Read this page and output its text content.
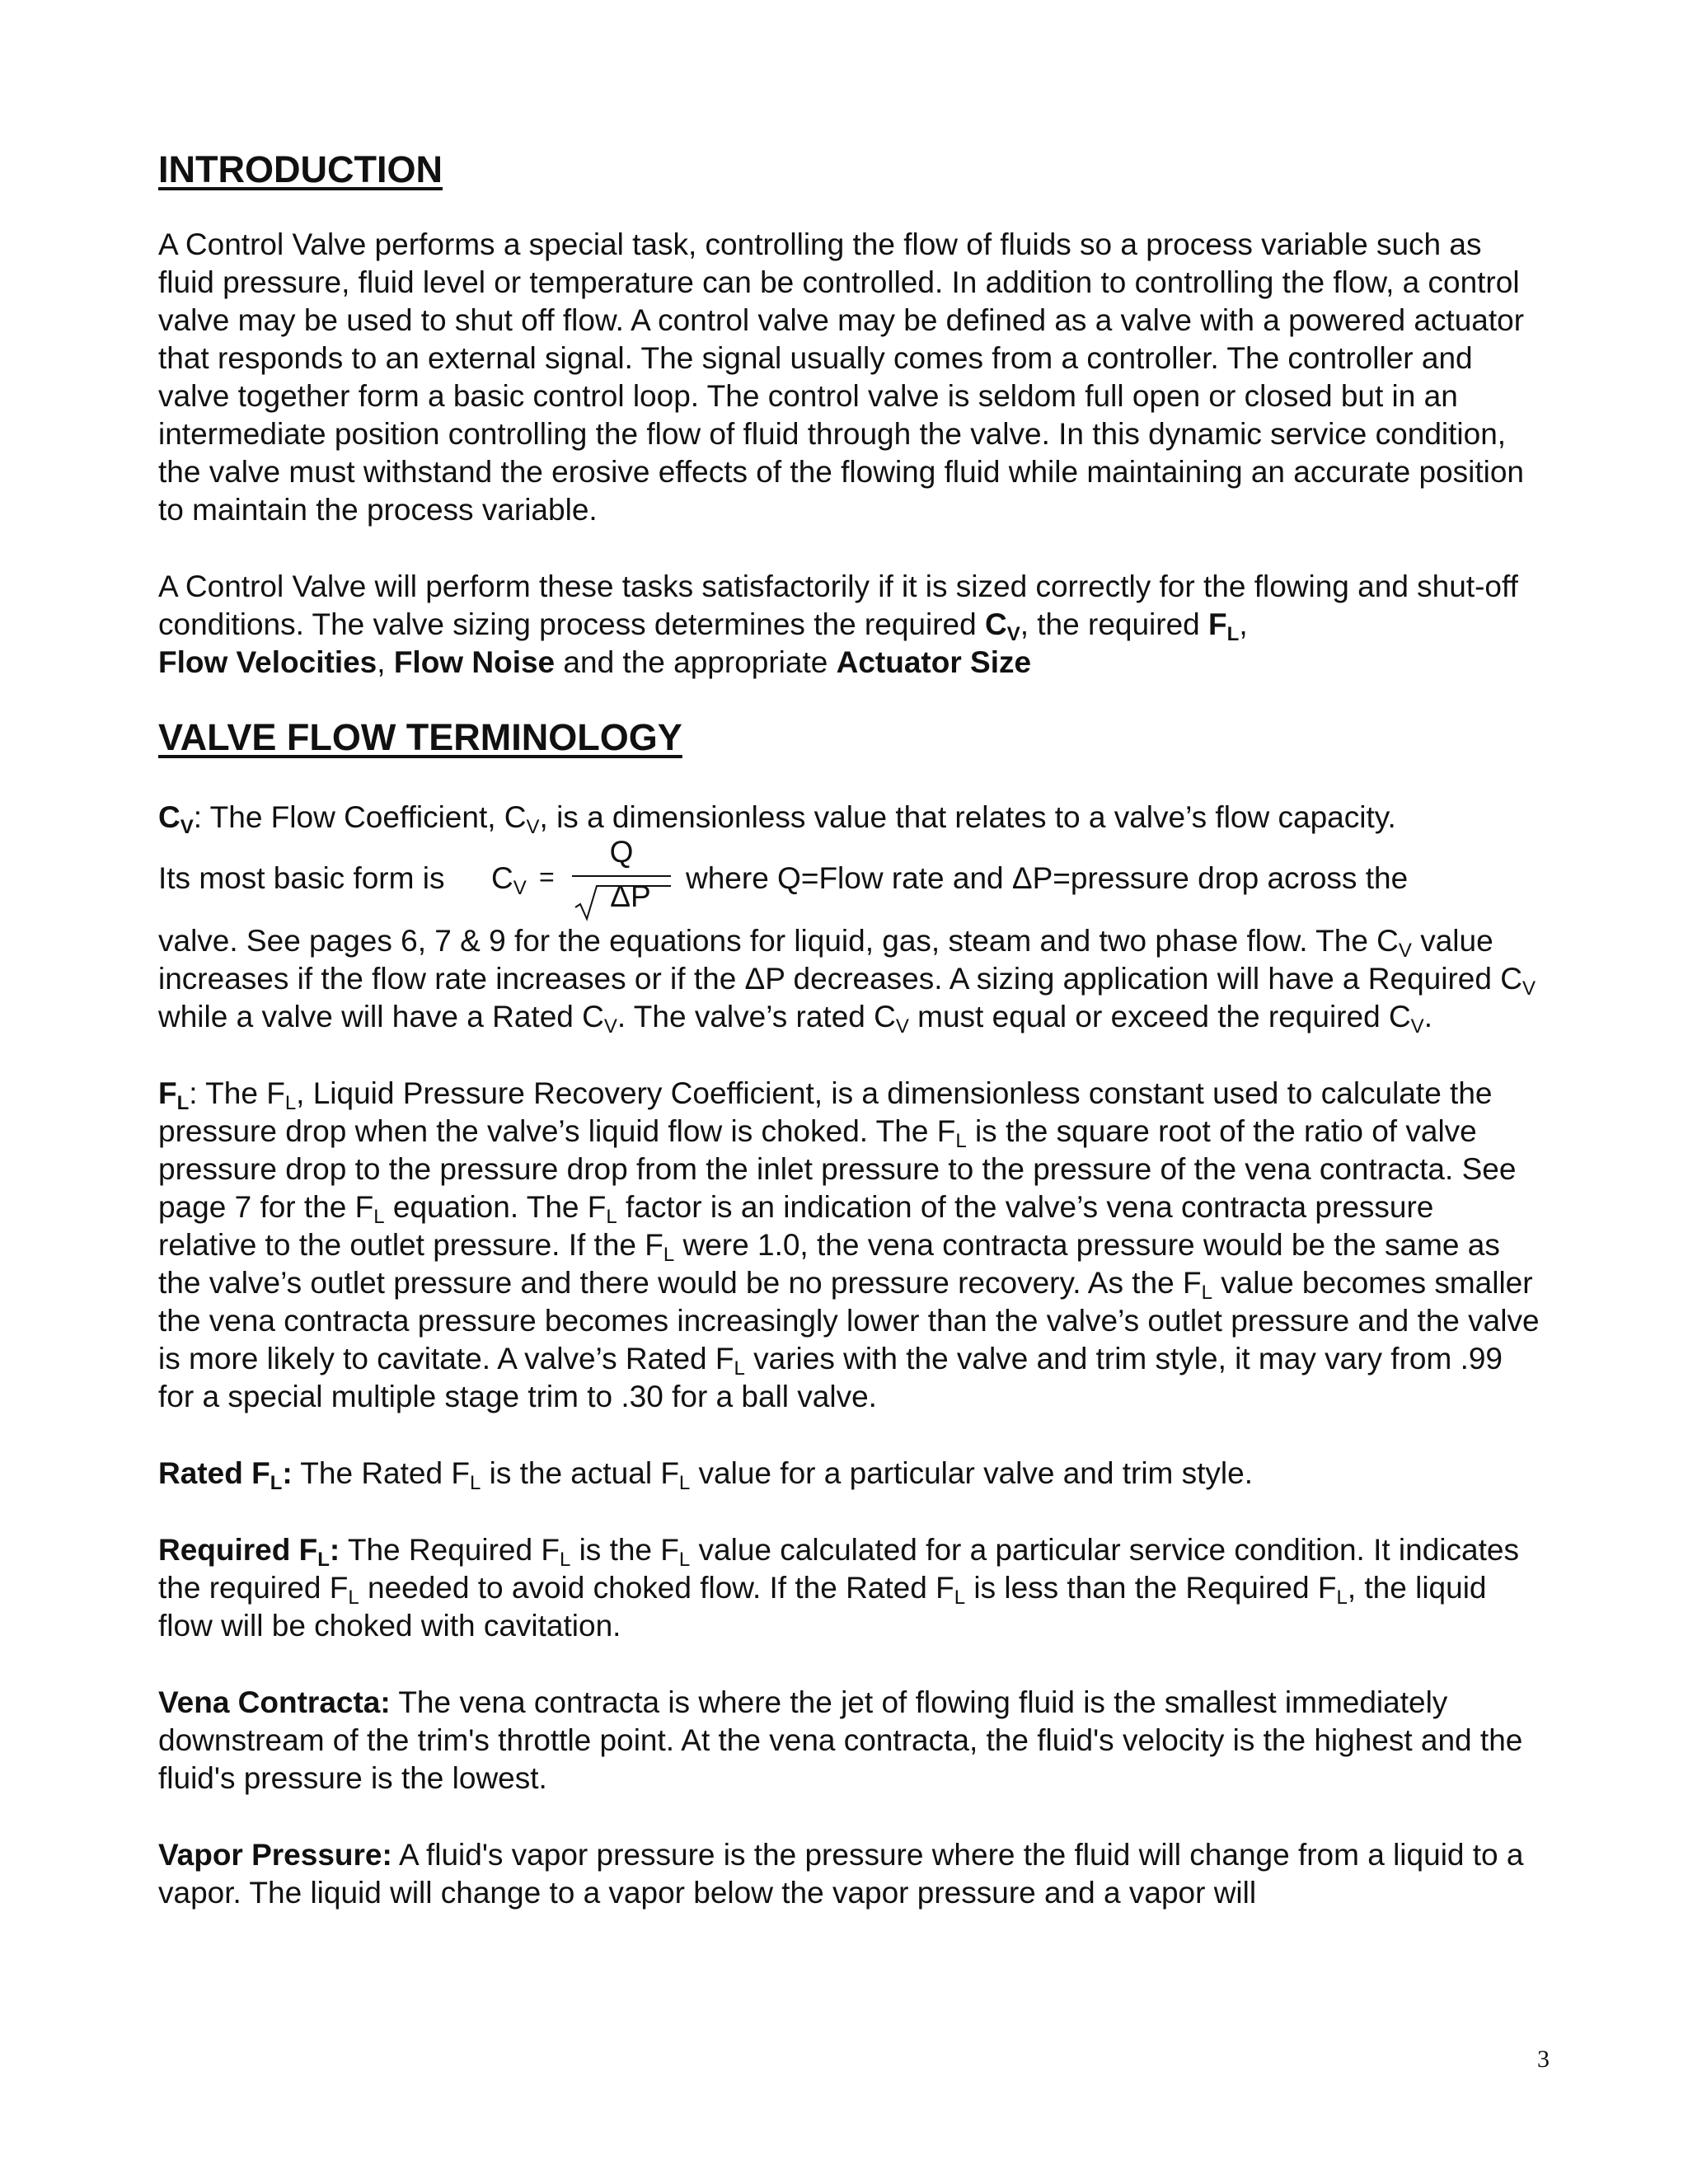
INTRODUCTION

A Control Valve performs a special task, controlling the flow of fluids so a process variable such as fluid pressure, fluid level or temperature can be controlled. In addition to controlling the flow, a control valve may be used to shut off flow. A control valve may be defined as a valve with a powered actuator that responds to an external signal. The signal usually comes from a controller. The controller and valve together form a basic control loop. The control valve is seldom full open or closed but in an intermediate position controlling the flow of fluid through the valve. In this dynamic service condition, the valve must withstand the erosive effects of the flowing fluid while maintaining an accurate position to maintain the process variable.

A Control Valve will perform these tasks satisfactorily if it is sized correctly for the flowing and shut-off conditions. The valve sizing process determines the required $C_V$, the required $F_L$,
Flow Velocities, Flow Noise and the appropriate Actuator Size

VALVE FLOW TERMINOLOGY

$C_V$: The Flow Coefficient, $C_V$, is a dimensionless value that relates to a valve’s flow capacity.

Its most basic form is $C_V$ =
Q
ΔP
where Q=Flow rate and ΔP=pressure drop across the

valve. See pages 6, 7 & 9 for the equations for liquid, gas, steam and two phase flow. The $C_V$ value increases if the flow rate increases or if the ΔP decreases. A sizing application will have a Required $C_V$ while a valve will have a Rated $C_V$. The valve’s rated $C_V$ must equal or exceed the required $C_V$.

$F_L$: The $F_L$, Liquid Pressure Recovery Coefficient, is a dimensionless constant used to calculate the pressure drop when the valve’s liquid flow is choked. The $F_L$ is the square root of the ratio of valve pressure drop to the pressure drop from the inlet pressure to the pressure of the vena contracta. See page 7 for the $F_L$ equation. The $F_L$ factor is an indication of the valve’s vena contracta pressure relative to the outlet pressure. If the $F_L$ were 1.0, the vena contracta pressure would be the same as the valve’s outlet pressure and there would be no pressure recovery. As the $F_L$ value becomes smaller the vena contracta pressure becomes increasingly lower than the valve’s outlet pressure and the valve is more likely to cavitate. A valve’s Rated $F_L$ varies with the valve and trim style, it may vary from .99 for a special multiple stage trim to .30 for a ball valve.

Rated $F_L$: The Rated $F_L$ is the actual $F_L$ value for a particular valve and trim style.

Required $F_L$: The Required $F_L$ is the $F_L$ value calculated for a particular service condition. It indicates the required $F_L$ needed to avoid choked flow. If the Rated $F_L$ is less than the Required $F_L$, the liquid flow will be choked with cavitation.

Vena Contracta: The vena contracta is where the jet of flowing fluid is the smallest immediately downstream of the trim's throttle point. At the vena contracta, the fluid's velocity is the highest and the fluid's pressure is the lowest.

Vapor Pressure: A fluid's vapor pressure is the pressure where the fluid will change from a liquid to a vapor. The liquid will change to a vapor below the vapor pressure and a vapor will

3
